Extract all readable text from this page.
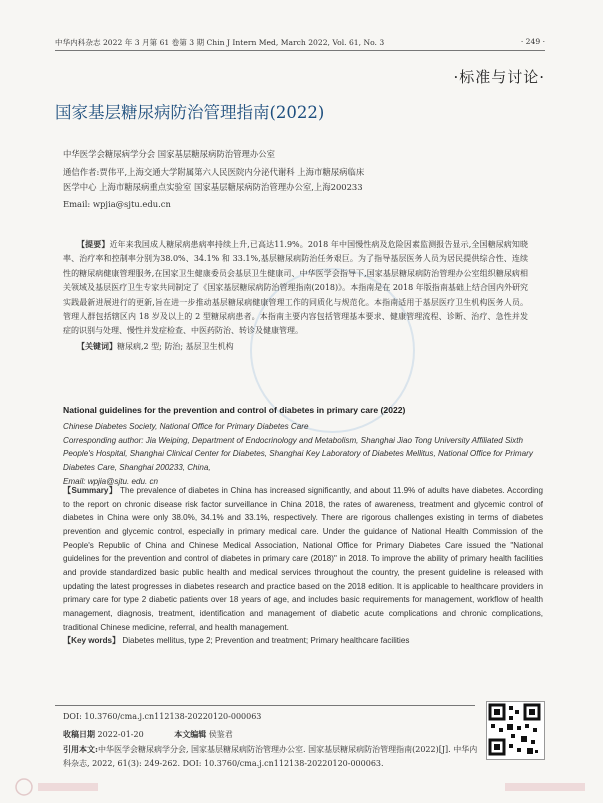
中华内科杂志 2022 年 3 月第 61 卷第 3 期 Chin J Intern Med, March 2022, Vol. 61, No. 3	· 249 ·
·标准与讨论·
国家基层糖尿病防治管理指南(2022)
中华医学会糖尿病学分会 国家基层糖尿病防治管理办公室
通信作者:贾伟平,上海交通大学附属第六人民医院内分泌代谢科 上海市糖尿病临床
医学中心 上海市糖尿病重点实验室 国家基层糖尿病防治管理办公室,上海200233
Email: wpjia@sjtu.edu.cn

【提要】近年来我国成人糖尿病患病率持续上升,已高达11.9%。2018 年中国慢性病及危险因素监测报告显示,全国糖尿病知晓率、治疗率和控制率分别为38.0%、34.1% 和 33.1%,基层糖尿病防治任务艰巨。为了指导基层医务人员为居民提供综合性、连续性的糖尿病健康管理服务,在国家卫生健康委员会基层卫生健康司、中华医学会指导下,国家基层糖尿病防治管理办公室组织糖尿病相关领域及基层医疗卫生专家共同制定了《国家基层糖尿病防治管理指南(2018)》。本指南是在 2018 年版指南基础上结合国内外研究实践最新进展进行的更新,旨在进一步推动基层糖尿病健康管理工作的同质化与规范化。本指南适用于基层医疗卫生机构医务人员。管理人群包括辖区内 18 岁及以上的 2 型糖尿病患者。本指南主要内容包括管理基本要求、健康管理流程、诊断、治疗、急性并发症的识别与处理、慢性并发症检查、中医药防治、转诊及健康管理。

【关键词】糖尿病,2 型; 防治; 基层卫生机构

National guidelines for the prevention and control of diabetes in primary care (2022)
Chinese Diabetes Society, National Office for Primary Diabetes Care
Corresponding author: Jia Weiping, Department of Endocrinology and Metabolism, Shanghai Jiao Tong University Affiliated Sixth People's Hospital, Shanghai Clinical Center for Diabetes, Shanghai Key Laboratory of Diabetes Mellitus, National Office for Primary Diabetes Care, Shanghai 200233, China,
Email: wpjia@sjtu. edu. cn

【Summary】 The prevalence of diabetes in China has increased significantly, and about 11.9% of adults have diabetes. According to the report on chronic disease risk factor surveillance in China 2018, the rates of awareness, treatment and glycemic control of diabetes in China were only 38.0%, 34.1% and 33.1%, respectively. There are rigorous challenges existing in terms of diabetes prevention and glycemic control, especially in primary medical care. Under the guidance of National Health Commission of the People's Republic of China and Chinese Medical Association, National Office for Primary Diabetes Care issued the "National guidelines for the prevention and control of diabetes in primary care (2018)" in 2018. To improve the ability of primary health facilities and provide standardized basic public health and medical services throughout the country, the present guideline is released with updating the latest progresses in diabetes research and practice based on the 2018 edition. It is applicable to healthcare providers in primary care for type 2 diabetic patients over 18 years of age, and includes basic requirements for management, workflow of health management, diagnosis, treatment, identification and management of diabetic acute complications and chronic complications, traditional Chinese medicine, referral, and health management.

【Key words】 Diabetes mellitus, type 2; Prevention and treatment; Primary healthcare facilities

DOI: 10.3760/cma.j.cn112138-20220120-000063
收稿日期 2022-01-20	本文编辑 侯鉴君
引用本文:中华医学会糖尿病学分会, 国家基层糖尿病防治管理办公室. 国家基层糖尿病防治管理指南(2022)[J]. 中华内科杂志, 2022, 61(3): 249-262. DOI: 10.3760/cma.j.cn112138-20220120-000063.
